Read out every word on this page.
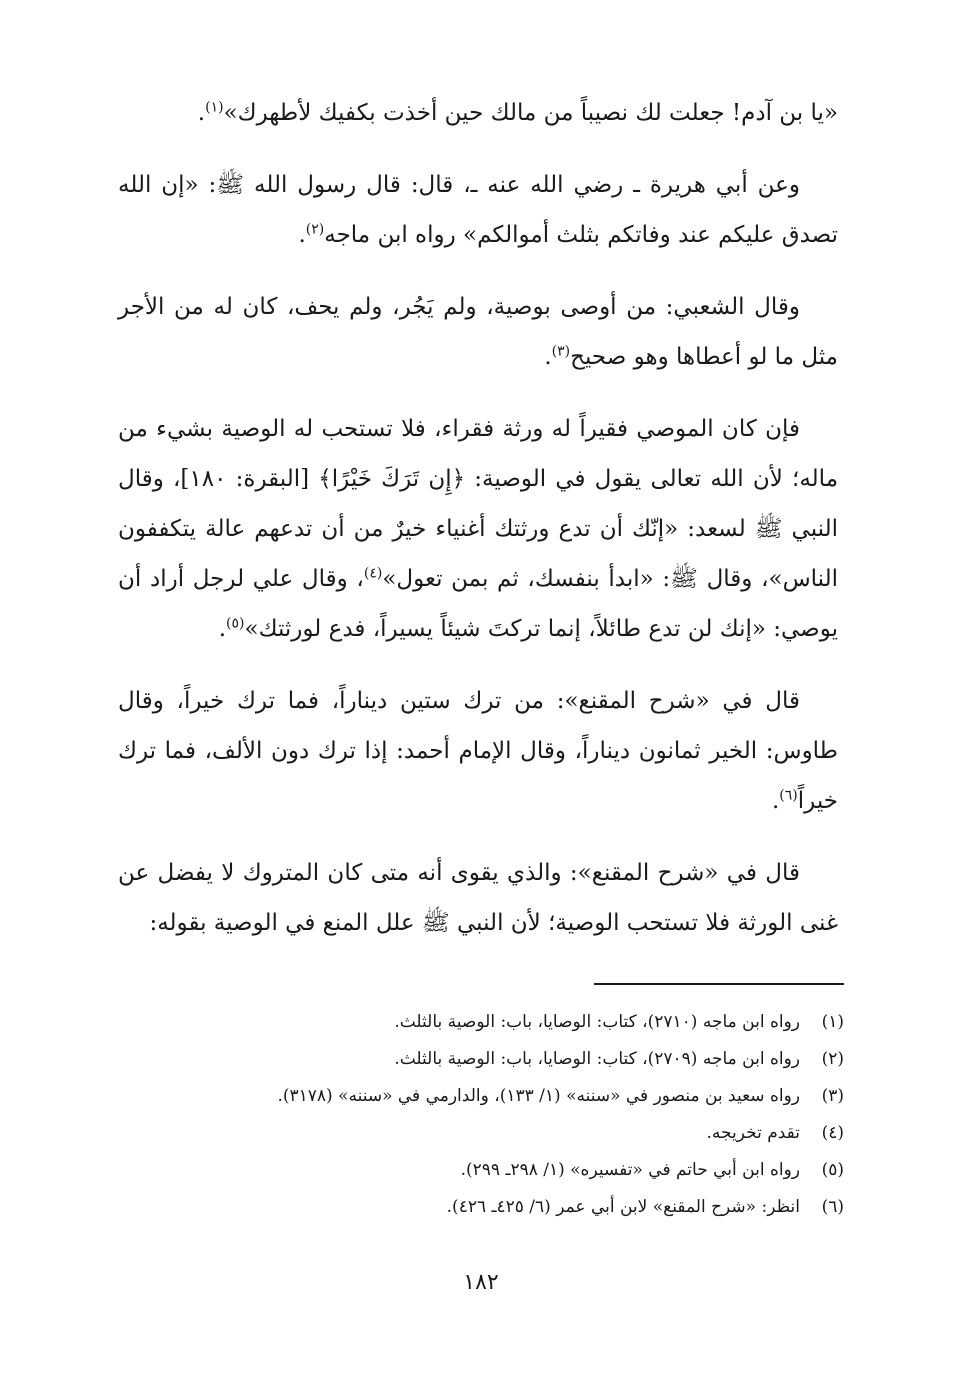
«يا بن آدم! جعلت لك نصيباً من مالك حين أخذت بكفيك لأطهرك»$^{(١)}$.

وعن أبي هريرة ـ رضي الله عنه ـ، قال: قال رسول الله ﷺ: «إن الله تصدق عليكم عند وفاتكم بثلث أموالكم» رواه ابن ماجه$^{(٢)}$.

وقال الشعبي: من أوصى بوصية، ولم يَجُر، ولم يحف، كان له من الأجر مثل ما لو أعطاها وهو صحيح$^{(٣)}$.

فإن كان الموصي فقيراً له ورثة فقراء، فلا تستحب له الوصية بشيء من ماله؛ لأن الله تعالى يقول في الوصية: ﴿إِن تَرَكَ خَيْرًا﴾ [البقرة: ١٨٠]، وقال النبي ﷺ لسعد: «إنّك أن تدع ورثتك أغنياء خيرٌ من أن تدعهم عالة يتكففون الناس»، وقال ﷺ: «ابدأ بنفسك، ثم بمن تعول»$^{(٤)}$، وقال علي لرجل أراد أن يوصي: «إنك لن تدع طائلاً، إنما تركتَ شيئاً يسيراً، فدع لورثتك»$^{(٥)}$.

قال في «شرح المقنع»: من ترك ستين ديناراً، فما ترك خيراً، وقال طاوس: الخير ثمانون ديناراً، وقال الإمام أحمد: إذا ترك دون الألف، فما ترك خيراً$^{(٦)}$.

قال في «شرح المقنع»: والذي يقوى أنه متى كان المتروك لا يفضل عن غنى الورثة فلا تستحب الوصية؛ لأن النبي ﷺ علل المنع في الوصية بقوله:

(١)رواه ابن ماجه (٢٧١٠)، كتاب: الوصايا، باب: الوصية بالثلث.
(٢)رواه ابن ماجه (٢٧٠٩)، كتاب: الوصايا، باب: الوصية بالثلث.
(٣)رواه سعيد بن منصور في «سننه» (١/ ١٣٣)، والدارمي في «سننه» (٣١٧٨).
(٤)تقدم تخريجه.
(٥)رواه ابن أبي حاتم في «تفسيره» (١/ ٢٩٨ـ ٢٩٩).
(٦)انظر: «شرح المقنع» لابن أبي عمر (٦/ ٤٢٥ـ ٤٢٦).
١٨٢
